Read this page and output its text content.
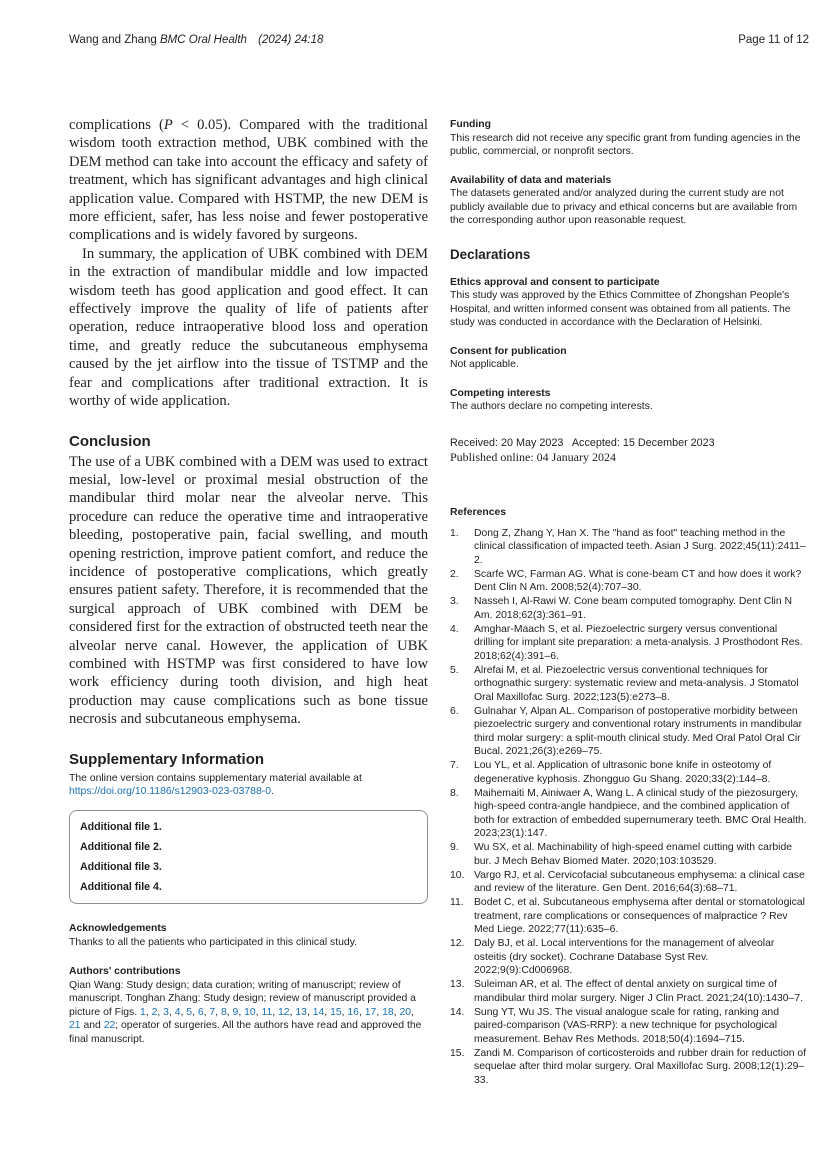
Wang and Zhang BMC Oral Health (2024) 24:18	Page 11 of 12

complications (P < 0.05). Compared with the traditional wisdom tooth extraction method, UBK combined with the DEM method can take into account the efficacy and safety of treatment, which has significant advantages and high clinical application value. Compared with HSTMP, the new DEM is more efficient, safer, has less noise and fewer postoperative complications and is widely favored by surgeons.

In summary, the application of UBK combined with DEM in the extraction of mandibular middle and low impacted wisdom teeth has good application and good effect. It can effectively improve the quality of life of patients after operation, reduce intraoperative blood loss and operation time, and greatly reduce the subcutaneous emphysema caused by the jet airflow into the tissue of TSTMP and the fear and complications after traditional extraction. It is worthy of wide application.

Conclusion

The use of a UBK combined with a DEM was used to extract mesial, low-level or proximal mesial obstruction of the mandibular third molar near the alveolar nerve. This procedure can reduce the operative time and intraoperative bleeding, postoperative pain, facial swelling, and mouth opening restriction, improve patient comfort, and reduce the incidence of postoperative complications, which greatly ensures patient safety. Therefore, it is recommended that the surgical approach of UBK combined with DEM be considered first for the extraction of obstructed teeth near the alveolar nerve canal. However, the application of UBK combined with HSTMP was first considered to have low work efficiency during tooth division, and high heat production may cause complications such as bone tissue necrosis and subcutaneous emphysema.

Supplementary Information

The online version contains supplementary material available at https://doi.org/10.1186/s12903-023-03788-0.

Additional file 1.
Additional file 2.
Additional file 3.
Additional file 4.
Acknowledgements
Thanks to all the patients who participated in this clinical study.
Authors' contributions
Qian Wang: Study design; data curation; writing of manuscript; review of manuscript. Tonghan Zhang: Study design; review of manuscript provided a picture of Figs. 1, 2, 3, 4, 5, 6, 7, 8, 9, 10, 11, 12, 13, 14, 15, 16, 17, 18, 20, 21 and 22; operator of surgeries. All the authors have read and approved the final manuscript.
Funding
This research did not receive any specific grant from funding agencies in the public, commercial, or nonprofit sectors.
Availability of data and materials
The datasets generated and/or analyzed during the current study are not publicly available due to privacy and ethical concerns but are available from the corresponding author upon reasonable request.
Declarations
Ethics approval and consent to participate
This study was approved by the Ethics Committee of Zhongshan People's Hospital, and written informed consent was obtained from all patients. The study was conducted in accordance with the Declaration of Helsinki.
Consent for publication
Not applicable.
Competing interests
The authors declare no competing interests.
Received: 20 May 2023   Accepted: 15 December 2023
Published online: 04 January 2024
References
1.	Dong Z, Zhang Y, Han X. The "hand as foot" teaching method in the clinical classification of impacted teeth. Asian J Surg. 2022;45(11):2411–2.
2.	Scarfe WC, Farman AG. What is cone-beam CT and how does it work? Dent Clin N Am. 2008;52(4):707–30.
3.	Nasseh I, Al-Rawi W. Cone beam computed tomography. Dent Clin N Am. 2018;62(3):361–91.
4.	Amghar-Maach S, et al. Piezoelectric surgery versus conventional drilling for implant site preparation: a meta-analysis. J Prosthodont Res. 2018;62(4):391–6.
5.	Alrefai M, et al. Piezoelectric versus conventional techniques for orthognathic surgery: systematic review and meta-analysis. J Stomatol Oral Maxillofac Surg. 2022;123(5):e273–8.
6.	Gulnahar Y, Alpan AL. Comparison of postoperative morbidity between piezoelectric surgery and conventional rotary instruments in mandibular third molar surgery: a split-mouth clinical study. Med Oral Patol Oral Cir Bucal. 2021;26(3):e269–75.
7.	Lou YL, et al. Application of ultrasonic bone knife in osteotomy of degenerative kyphosis. Zhongguo Gu Shang. 2020;33(2):144–8.
8.	Maihemaiti M, Ainiwaer A, Wang L. A clinical study of the piezosurgery, high-speed contra-angle handpiece, and the combined application of both for extraction of embedded supernumerary teeth. BMC Oral Health. 2023;23(1):147.
9.	Wu SX, et al. Machinability of high-speed enamel cutting with carbide bur. J Mech Behav Biomed Mater. 2020;103:103529.
10. Vargo RJ, et al. Cervicofacial subcutaneous emphysema: a clinical case and review of the literature. Gen Dent. 2016;64(3):68–71.
11. Bodet C, et al. Subcutaneous emphysema after dental or stomatological treatment, rare complications or consequences of malpractice ? Rev Med Liege. 2022;77(11):635–6.
12. Daly BJ, et al. Local interventions for the management of alveolar osteitis (dry socket). Cochrane Database Syst Rev. 2022;9(9):Cd006968.
13. Suleiman AR, et al. The effect of dental anxiety on surgical time of mandibular third molar surgery. Niger J Clin Pract. 2021;24(10):1430–7.
14. Sung YT, Wu JS. The visual analogue scale for rating, ranking and paired-comparison (VAS-RRP): a new technique for psychological measurement. Behav Res Methods. 2018;50(4):1694–715.
15. Zandi M. Comparison of corticosteroids and rubber drain for reduction of sequelae after third molar surgery. Oral Maxillofac Surg. 2008;12(1):29–33.
